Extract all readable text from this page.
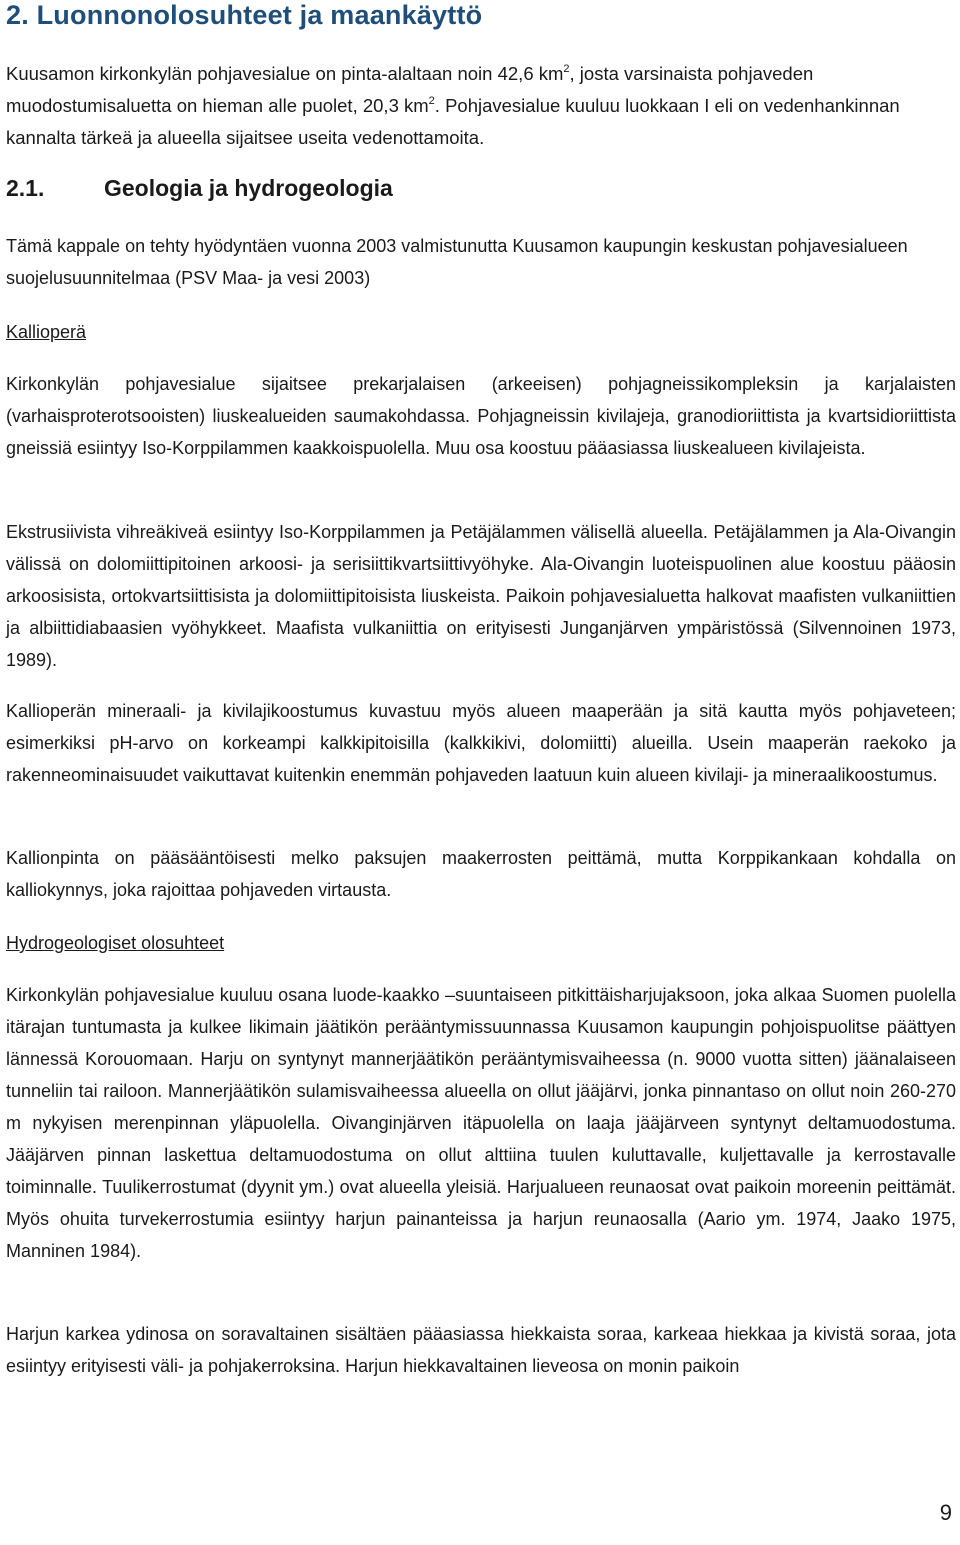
2. Luonnonolosuhteet ja maankäyttö

Kuusamon kirkonkylän pohjavesialue on pinta-alaltaan noin 42,6 $km^2$, josta varsinaista pohjaveden muodostumisaluetta on hieman alle puolet, 20,3 $km^2$. Pohjavesialue kuuluu luokkaan I eli on vedenhankinnan kannalta tärkeä ja alueella sijaitsee useita vedenottamoita.

2.1.	Geologia ja hydrogeologia

Tämä kappale on tehty hyödyntäen vuonna 2003 valmistunutta Kuusamon kaupungin keskustan pohjavesialueen suojelusuunnitelmaa (PSV Maa- ja vesi 2003)

Kallioperä

Kirkonkylän pohjavesialue sijaitsee prekarjalaisen (arkeeisen) pohjagneissikompleksin ja karjalaisten (varhaisproterotsooisten) liuskealueiden saumakohdassa. Pohjagneissin kivilajeja, granodioriittista ja kvartsidioriittista gneissiä esiintyy Iso-Korppilammen kaakkoispuolella. Muu osa koostuu pääasiassa liuskealueen kivilajeista.

Ekstrusiivista vihreäkiveä esiintyy Iso-Korppilammen ja Petäjälammen välisellä alueella. Petäjälammen ja Ala-Oivangin välissä on dolomiittipitoinen arkoosi- ja serisiittikvartsiittivyöhyke. Ala-Oivangin luoteispuolinen alue koostuu pääosin arkoosisista, ortokvartsiittisista ja dolomiittipitoisista liuskeista. Paikoin pohjavesialuetta halkovat maafisten vulkaniittien ja albiittidiabaasien vyöhykkeet. Maafista vulkaniittia on erityisesti Junganjärven ympäristössä (Silvennoinen 1973, 1989).

Kallioperän mineraali- ja kivilajikoostumus kuvastuu myös alueen maaperään ja sitä kautta myös pohjaveteen; esimerkiksi pH-arvo on korkeampi kalkkipitoisilla (kalkkikivi, dolomiitti) alueilla. Usein maaperän raekoko ja rakenneominaisuudet vaikuttavat kuitenkin enemmän pohjaveden laatuun kuin alueen kivilaji- ja mineraalikoostumus.

Kallionpinta on pääsääntöisesti melko paksujen maakerrosten peittämä, mutta Korppikankaan kohdalla on kalliokynnys, joka rajoittaa pohjaveden virtausta.

Hydrogeologiset olosuhteet

Kirkonkylän pohjavesialue kuuluu osana luode-kaakko –suuntaiseen pitkittäisharjujaksoon, joka alkaa Suomen puolella itärajan tuntumasta ja kulkee likimain jäätikön perääntymissuunnassa Kuusamon kaupungin pohjoispuolitse päättyen lännessä Korouomaan. Harju on syntynyt mannerjäätikön perääntymisvaiheessa (n. 9000 vuotta sitten) jäänalaiseen tunneliin tai railoon. Mannerjäätikön sulamisvaiheessa alueella on ollut jääjärvi, jonka pinnantaso on ollut noin 260-270 m nykyisen merenpinnan yläpuolella. Oivanginjärven itäpuolella on laaja jääjärveen syntynyt deltamuodostuma. Jääjärven pinnan laskettua deltamuodostuma on ollut alttiina tuulen kuluttavalle, kuljettavalle ja kerrostavalle toiminnalle. Tuulikerrostumat (dyynit ym.) ovat alueella yleisiä. Harjualueen reunaosat ovat paikoin moreenin peittämät. Myös ohuita turvekerrostumia esiintyy harjun painanteissa ja harjun reunaosalla (Aario ym. 1974, Jaako 1975, Manninen 1984).

Harjun karkea ydinosa on soravaltainen sisältäen pääasiassa hiekkaista soraa, karkeaa hiekkaa ja kivistä soraa, jota esiintyy erityisesti väli- ja pohjakerroksina. Harjun hiekkavaltainen lieveosa on monin paikoin

9
